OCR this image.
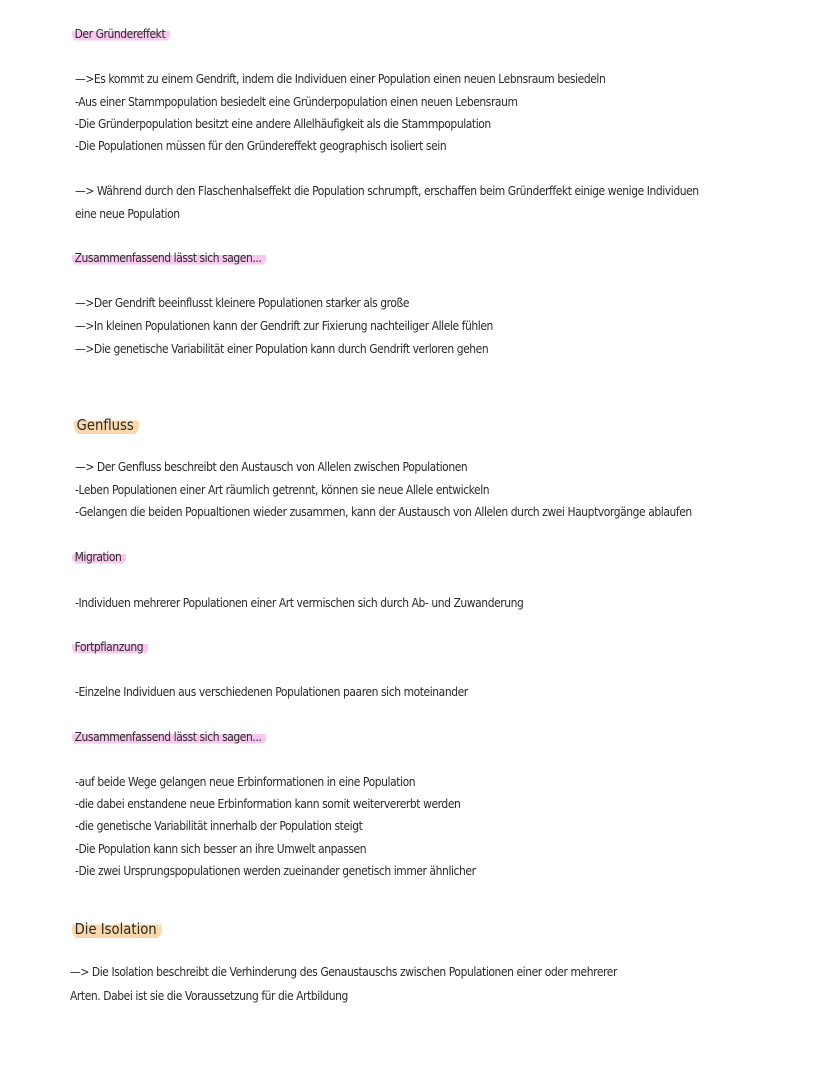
Der Gründereffekt
—>Es kommt zu einem Gendrift, indem die Individuen einer Population einen neuen Lebnsraum besiedeln
-Aus einer Stammpopulation besiedelt eine Gründerpopulation einen neuen Lebensraum
-Die Gründerpopulation besitzt eine andere Allelhäufigkeit als die Stammpopulation
-Die Populationen müssen für den Gründereffekt geographisch isoliert sein
—> Während durch den Flaschenhalseffekt die Population schrumpft, erschaffen beim Gründerffekt einige wenige Individuen
eine neue Population
Zusammenfassend lässt sich sagen...
—>Der Gendrift beeinflusst kleinere Populationen starker als große
—>In kleinen Populationen kann der Gendrift zur Fixierung nachteiliger Allele fühlen
—>Die genetische Variabilität einer Population kann durch Gendrift verloren gehen
Genfluss
—> Der Genfluss beschreibt den Austausch von Allelen zwischen Populationen
-Leben Populationen einer Art räumlich getrennt, können sie neue Allele entwickeln
-Gelangen die beiden Popualtionen wieder zusammen, kann der Austausch von Allelen durch zwei Hauptvorgänge ablaufen
Migration
-Individuen mehrerer Populationen einer Art vermischen sich durch Ab- und Zuwanderung
Fortpflanzung
-Einzelne Individuen aus verschiedenen Populationen paaren sich moteinander
Zusammenfassend lässt sich sagen...
-auf beide Wege gelangen neue Erbinformationen in eine Population
-die dabei enstandene neue Erbinformation kann somit weitervererbt werden
-die genetische Variabilität innerhalb der Population steigt
-Die Population kann sich besser an ihre Umwelt anpassen
-Die zwei Ursprungspopulationen werden zueinander genetisch immer ähnlicher
Die Isolation
—> Die Isolation beschreibt die Verhinderung des Genaustauschs zwischen Populationen einer oder mehrerer
Arten. Dabei ist sie die Voraussetzung für die Artbildung
